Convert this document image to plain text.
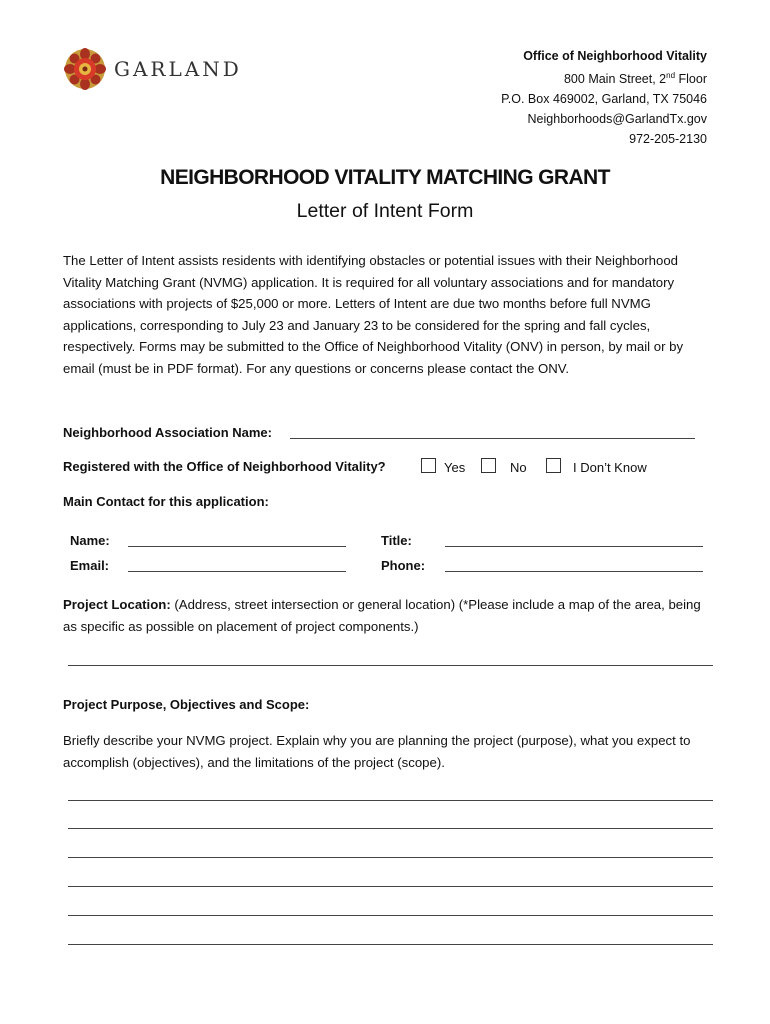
GARLAND
Office of Neighborhood Vitality
800 Main Street, 2nd Floor
P.O. Box 469002, Garland, TX 75046
Neighborhoods@GarlandTx.gov
972-205-2130
NEIGHBORHOOD VITALITY MATCHING GRANT
Letter of Intent Form
The Letter of Intent assists residents with identifying obstacles or potential issues with their Neighborhood Vitality Matching Grant (NVMG) application. It is required for all voluntary associations and for mandatory associations with projects of $25,000 or more. Letters of Intent are due two months before full NVMG applications, corresponding to July 23 and January 23 to be considered for the spring and fall cycles, respectively. Forms may be submitted to the Office of Neighborhood Vitality (ONV) in person, by mail or by email (must be in PDF format). For any questions or concerns please contact the ONV.
Neighborhood Association Name:
Registered with the Office of Neighborhood Vitality?	Yes	No	I Don’t Know
Main Contact for this application:
Name:	Title:
Email:	Phone:
Project Location: (Address, street intersection or general location) (*Please include a map of the area, being as specific as possible on placement of project components.)
Project Purpose, Objectives and Scope:
Briefly describe your NVMG project. Explain why you are planning the project (purpose), what you expect to accomplish (objectives), and the limitations of the project (scope).
